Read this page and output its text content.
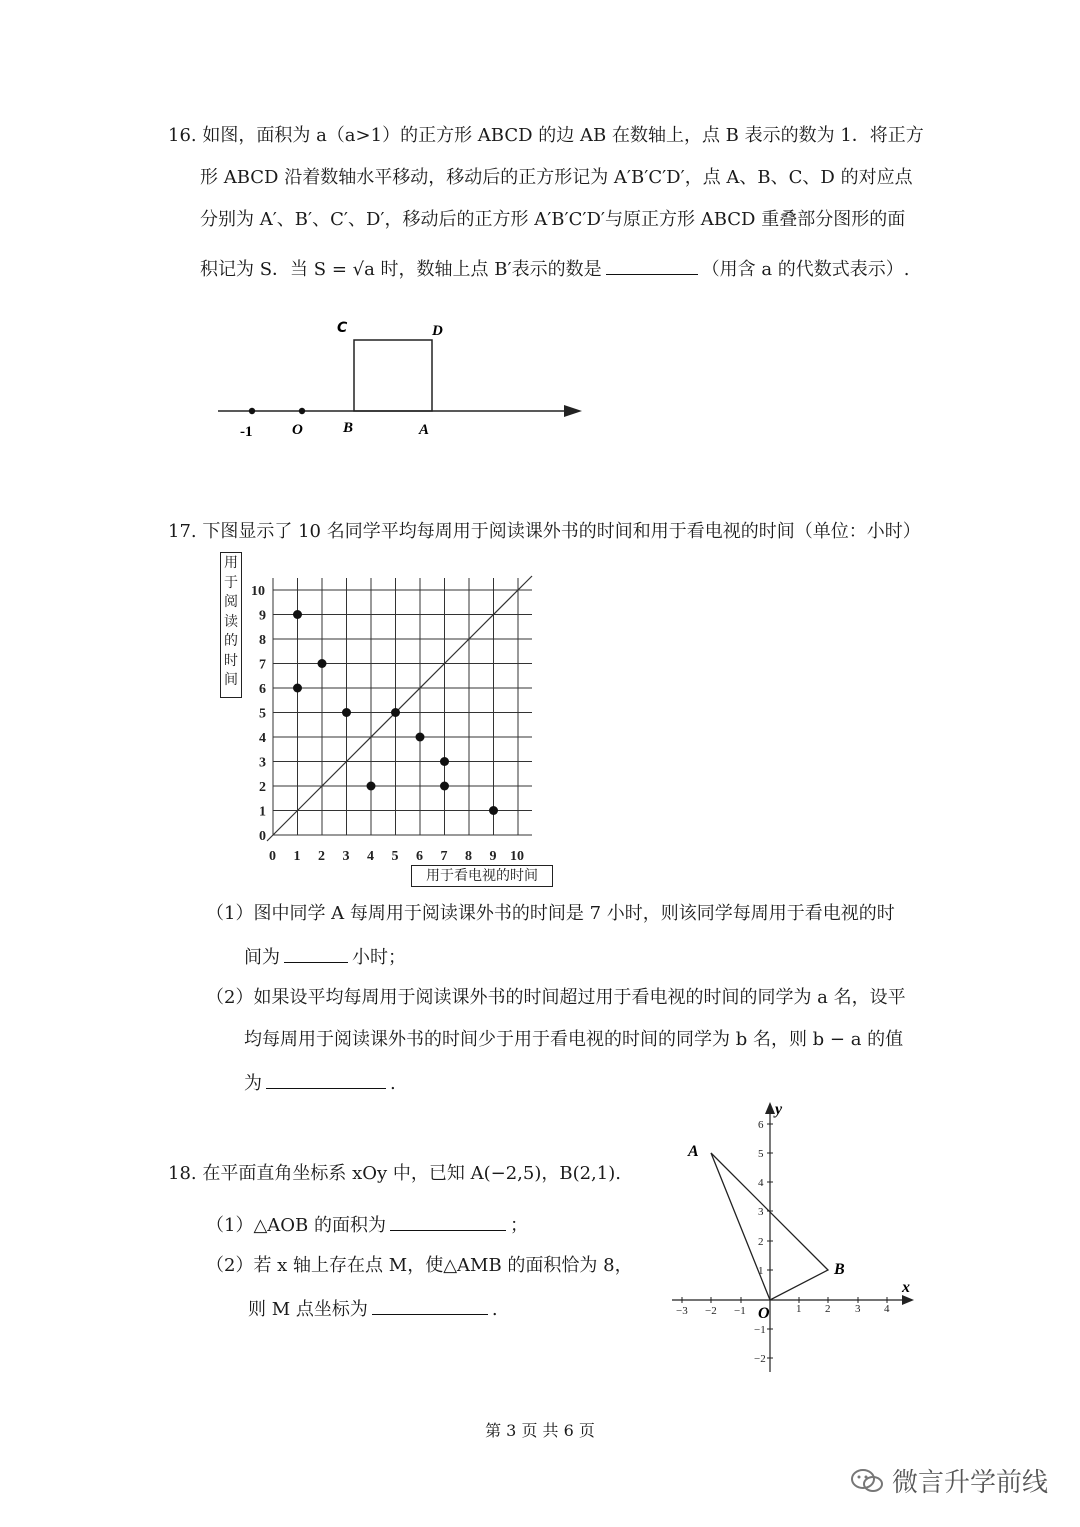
16. 如图，面积为 a（a>1）的正方形 ABCD 的边 AB 在数轴上，点 B 表示的数为 1．将正方
形 ABCD 沿着数轴水平移动，移动后的正方形记为 A′B′C′D′，点 A、B、C、D 的对应点
分别为 A′、B′、C′、D′，移动后的正方形 A′B′C′D′与原正方形 ABCD 重叠部分图形的面
积记为 S．当 S = √a 时，数轴上点 B′表示的数是	（用含 a 的代数式表示）.
C	D
-1	O	B	A
17. 下图显示了 10 名同学平均每周用于阅读课外书的时间和用于看电视的时间（单位：小时）
用
于
阅
读
的
时
间
0 1 2 3 4 5 6 7 8 9 10
0
1
2
3
4
5
6
7
8
9
10
用于看电视的时间
（1）图中同学 A 每周用于阅读课外书的时间是 7 小时，则该同学每周用于看电视的时
间为	小时；
（2）如果设平均每周用于阅读课外书的时间超过用于看电视的时间的同学为 a 名，设平
均每周用于阅读课外书的时间少于用于看电视的时间的同学为 b 名，则 b − a 的值
为	.
18. 在平面直角坐标系 xOy 中，已知 A(−2,5)，B(2,1).
（1）△AOB 的面积为	；
（2）若 x 轴上存在点 M，使△AMB 的面积恰为 8，
则 M 点坐标为	.	−3 −2 −1	1 2 3 4
6
5
4
3
2
1
−1
−2
x
y
A
B
O
第 3 页 共 6 页
微言升学前线
